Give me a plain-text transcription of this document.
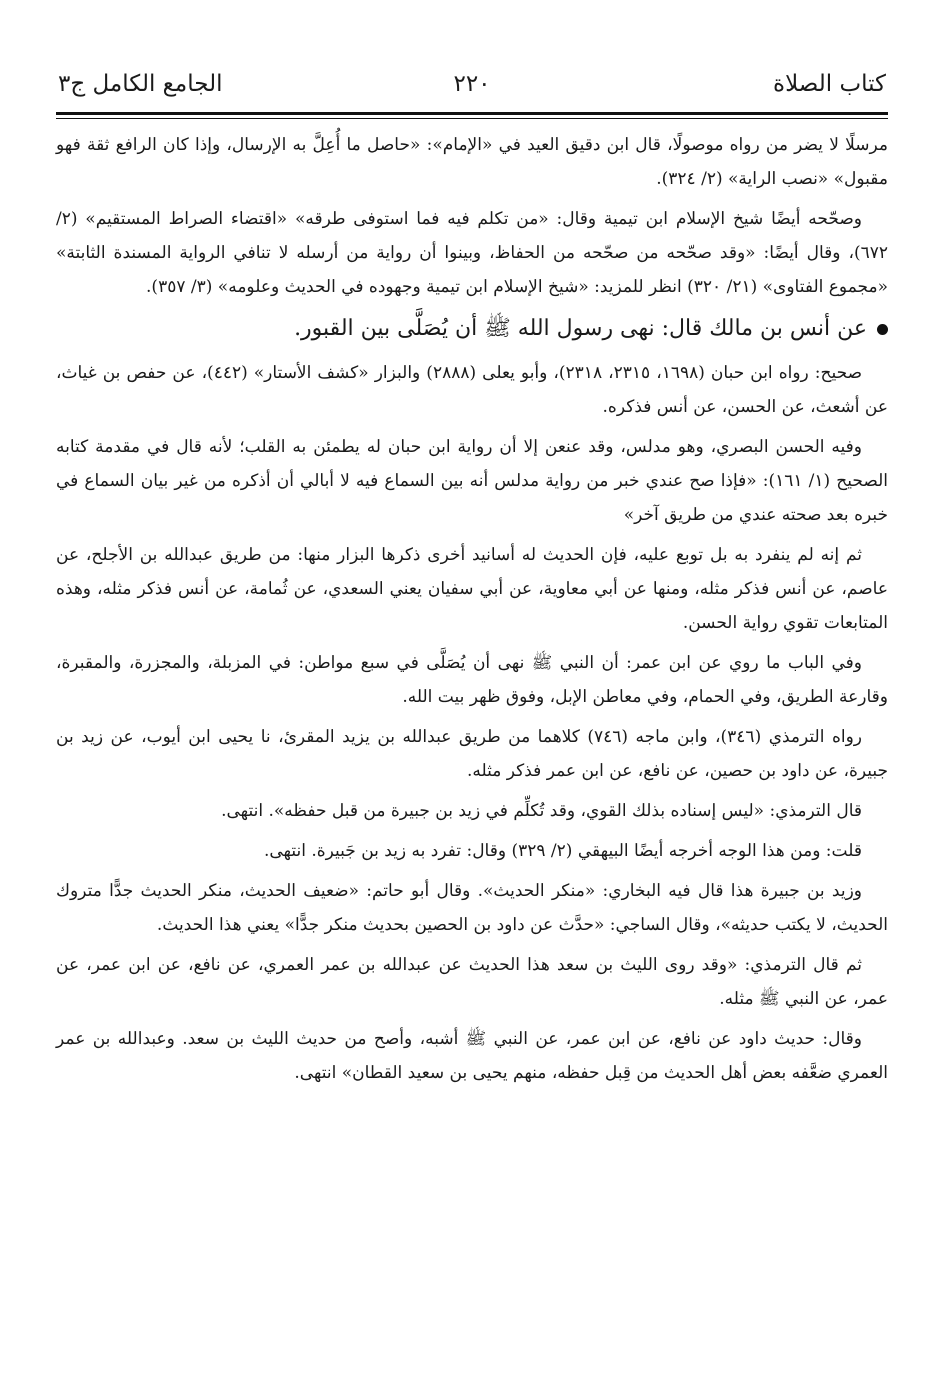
كتاب الصلاة
٢٢٠
الجامع الكامل ج٣

مرسلًا لا يضر من رواه موصولًا، قال ابن دقيق العيد في «الإمام»: «حاصل ما أُعِلَّ به الإرسال، وإذا كان الرافع ثقة فهو مقبول» «نصب الراية» (٢/ ٣٢٤).

وصحّحه أيضًا شيخ الإسلام ابن تيمية وقال: «من تكلم فيه فما استوفى طرقه» «اقتضاء الصراط المستقيم» (٢/ ٦٧٢)، وقال أيضًا: «وقد صحّحه من صحّحه من الحفاظ، وبينوا أن رواية من أرسله لا تنافي الرواية المسندة الثابتة» «مجموع الفتاوى» (٢١/ ٣٢٠) انظر للمزيد: «شيخ الإسلام ابن تيمية وجهوده في الحديث وعلومه» (٣/ ٣٥٧).

عن أنس بن مالك قال: نهى رسول الله ﷺ أن يُصَلَّى بين القبور.

صحيح: رواه ابن حبان (١٦٩٨، ٢٣١٥، ٢٣١٨)، وأبو يعلى (٢٨٨٨) والبزار «كشف الأستار» (٤٤٢)، عن حفص بن غياث، عن أشعث، عن الحسن، عن أنس فذكره.

وفيه الحسن البصري، وهو مدلس، وقد عنعن إلا أن رواية ابن حبان له يطمئن به القلب؛ لأنه قال في مقدمة كتابه الصحيح (١/ ١٦١): «فإذا صح عندي خبر من رواية مدلس أنه بين السماع فيه لا أبالي أن أذكره من غير بيان السماع في خبره بعد صحته عندي من طريق آخر»

ثم إنه لم ينفرد به بل توبع عليه، فإن الحديث له أسانيد أخرى ذكرها البزار منها: من طريق عبدالله بن الأجلح، عن عاصم، عن أنس فذكر مثله، ومنها عن أبي معاوية، عن أبي سفيان يعني السعدي، عن ثُمامة، عن أنس فذكر مثله، وهذه المتابعات تقوي رواية الحسن.

وفي الباب ما روي عن ابن عمر: أن النبي ﷺ نهى أن يُصَلَّى في سبع مواطن: في المزبلة، والمجزرة، والمقبرة، وقارعة الطريق، وفي الحمام، وفي معاطن الإبل، وفوق ظهر بيت الله.

رواه الترمذي (٣٤٦)، وابن ماجه (٧٤٦) كلاهما من طريق عبدالله بن يزيد المقرئ، نا يحيى ابن أيوب، عن زيد بن جبيرة، عن داود بن حصين، عن نافع، عن ابن عمر فذكر مثله.

قال الترمذي: «ليس إسناده بذلك القوي، وقد تُكلِّم في زيد بن جبيرة من قبل حفظه». انتهى.

قلت: ومن هذا الوجه أخرجه أيضًا البيهقي (٢/ ٣٢٩) وقال: تفرد به زيد بن جَبيرة. انتهى.

وزيد بن جبيرة هذا قال فيه البخاري: «منكر الحديث». وقال أبو حاتم: «ضعيف الحديث، منكر الحديث جدًّا متروك الحديث، لا يكتب حديثه»، وقال الساجي: «حدَّث عن داود بن الحصين بحديث منكر جدًّا» يعني هذا الحديث.

ثم قال الترمذي: «وقد روى الليث بن سعد هذا الحديث عن عبدالله بن عمر العمري، عن نافع، عن ابن عمر، عن عمر، عن النبي ﷺ مثله.

وقال: حديث داود عن نافع، عن ابن عمر، عن النبي ﷺ أشبه، وأصح من حديث الليث بن سعد. وعبدالله بن عمر العمري ضعَّفه بعض أهل الحديث من قِبل حفظه، منهم يحيى بن سعيد القطان» انتهى.
